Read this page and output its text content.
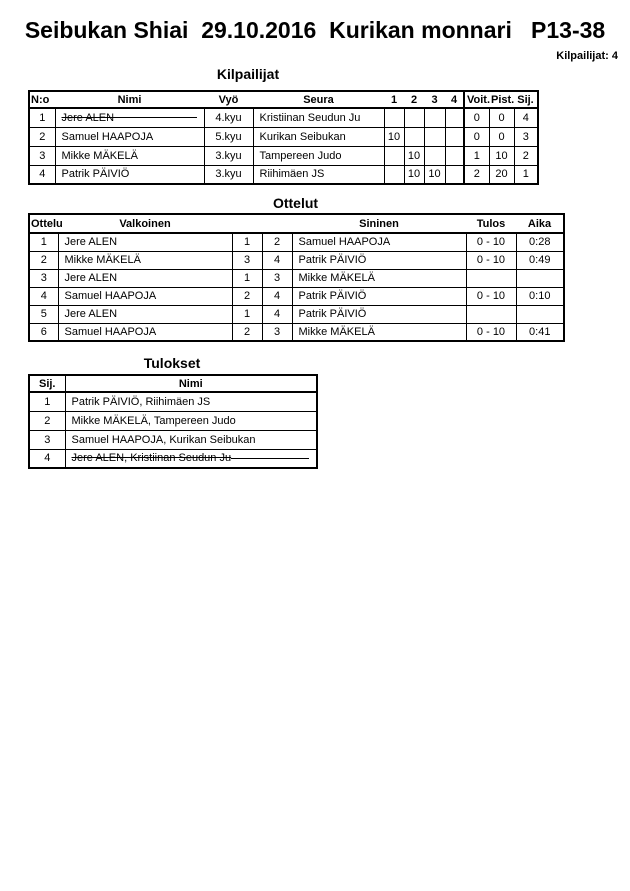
Seibukan Shiai  29.10.2016  Kurikan monnari   P13-38
Kilpailijat: 4
Kilpailijat
N:o	Nimi	Vyö	Seura	1	2	3	4	Voit.	Pist.	Sij.
1	Jere ALEN	4.kyu	Kristiinan Seudun Ju					0	0	4
2	Samuel HAAPOJA	5.kyu	Kurikan Seibukan	10				0	0	3
3	Mikke MÄKELÄ	3.kyu	Tampereen Judo		10			1	10	2
4	Patrik PÄIVIÖ	3.kyu	Riihimäen JS		10	10		2	20	1
Ottelut
Ottelu	Valkoinen			Sininen	Tulos	Aika
1	Jere ALEN	1	2	Samuel HAAPOJA	0 - 10	0:28
2	Mikke MÄKELÄ	3	4	Patrik PÄIVIÖ	0 - 10	0:49
3	Jere ALEN	1	3	Mikke MÄKELÄ		
4	Samuel HAAPOJA	2	4	Patrik PÄIVIÖ	0 - 10	0:10
5	Jere ALEN	1	4	Patrik PÄIVIÖ		
6	Samuel HAAPOJA	2	3	Mikke MÄKELÄ	0 - 10	0:41
Tulokset
Sij.	Nimi
1	Patrik PÄIVIÖ, Riihimäen JS
2	Mikke MÄKELÄ, Tampereen Judo
3	Samuel HAAPOJA, Kurikan Seibukan
4	Jere ALEN, Kristiinan Seudun Ju
